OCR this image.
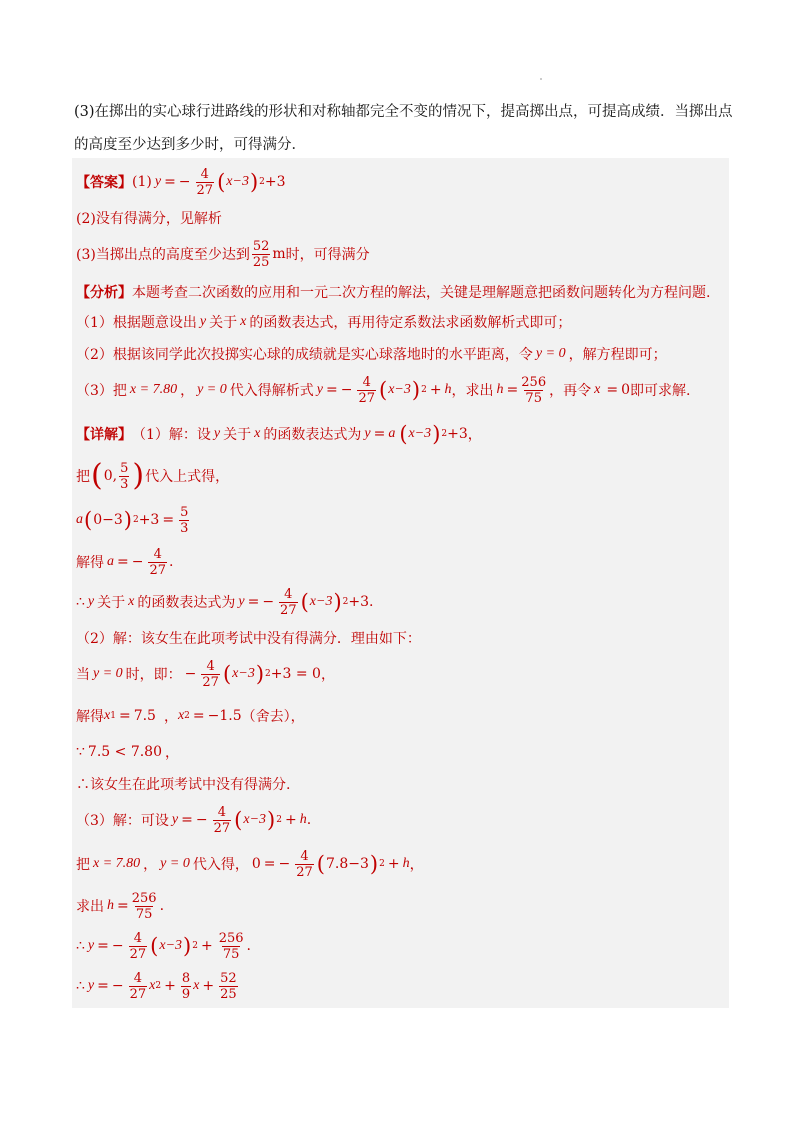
(3)在掷出的实心球行进路线的形状和对称轴都完全不变的情况下，提高掷出点，可提高成绩．当掷出点的高度至少达到多少时，可得满分．
【答案】 (1) y = − $\frac{4}{27}$ ( x−3 ) 2 +3
(2)没有得满分，见解析
(3)当掷出点的高度至少达到 $\frac{52}{25}$ m 时，可得满分
【分析】 本题考查二次函数的应用和一元二次方程的解法，关键是理解题意把函数问题转化为方程问题.
（1）根据题意设出 y 关于 x 的函数表达式，再用待定系数法求函数解析式即可；
（2）根据该同学此次投掷实心球的成绩就是实心球落地时的水平距离，令 y = 0 ，解方程即可；
（3）把 x = 7.80 ， y = 0 代入得解析式 y = − $\frac{4}{27}$ ( x−3 ) 2 + h ，求出 $h = \frac{256}{75}$ ，再令 x = 0 即可求解.
【详解】 （1）解：设 y 关于 x 的函数表达式为 y = a ( x−3 ) 2 +3 ，
把 ( 0, $\frac{5}{3}$ ) 代入上式得，
a ( 0−3 ) $2 +3 = \frac{5}{3}$
解得 a = − $\frac{4}{27}$ .
∴ y 关于 x 的函数表达式为 y = − $\frac{4}{27}$ ( x−3 ) 2 +3 .
（2）解：该女生在此项考试中没有得满分．理由如下：
当 y = 0 时，即： − $\frac{4}{27}$ ( x−3 ) 2 +3 = 0 ，
解得 x 1 = 7.5 ， x 2 = −1.5 （舍去），
∵ 7.5 < 7.80 ，
∴该女生在此项考试中没有得满分.
（3）解：可设 y = − $\frac{4}{27}$ ( x−3 ) 2 + h .
把 x = 7.80 ， y = 0 代入得， 0 = − $\frac{4}{27}$ ( 7.8−3 ) 2 + h ，
求出 $h = \frac{256}{75}$ .
∴ y = − $\frac{4}{27}$ ( x−3 ) $2 + \frac{256}{75}$ .
∴ y = − $\frac{4}{27}$ x $2 + \frac{8}{9}$ $x + \frac{52}{25}$
